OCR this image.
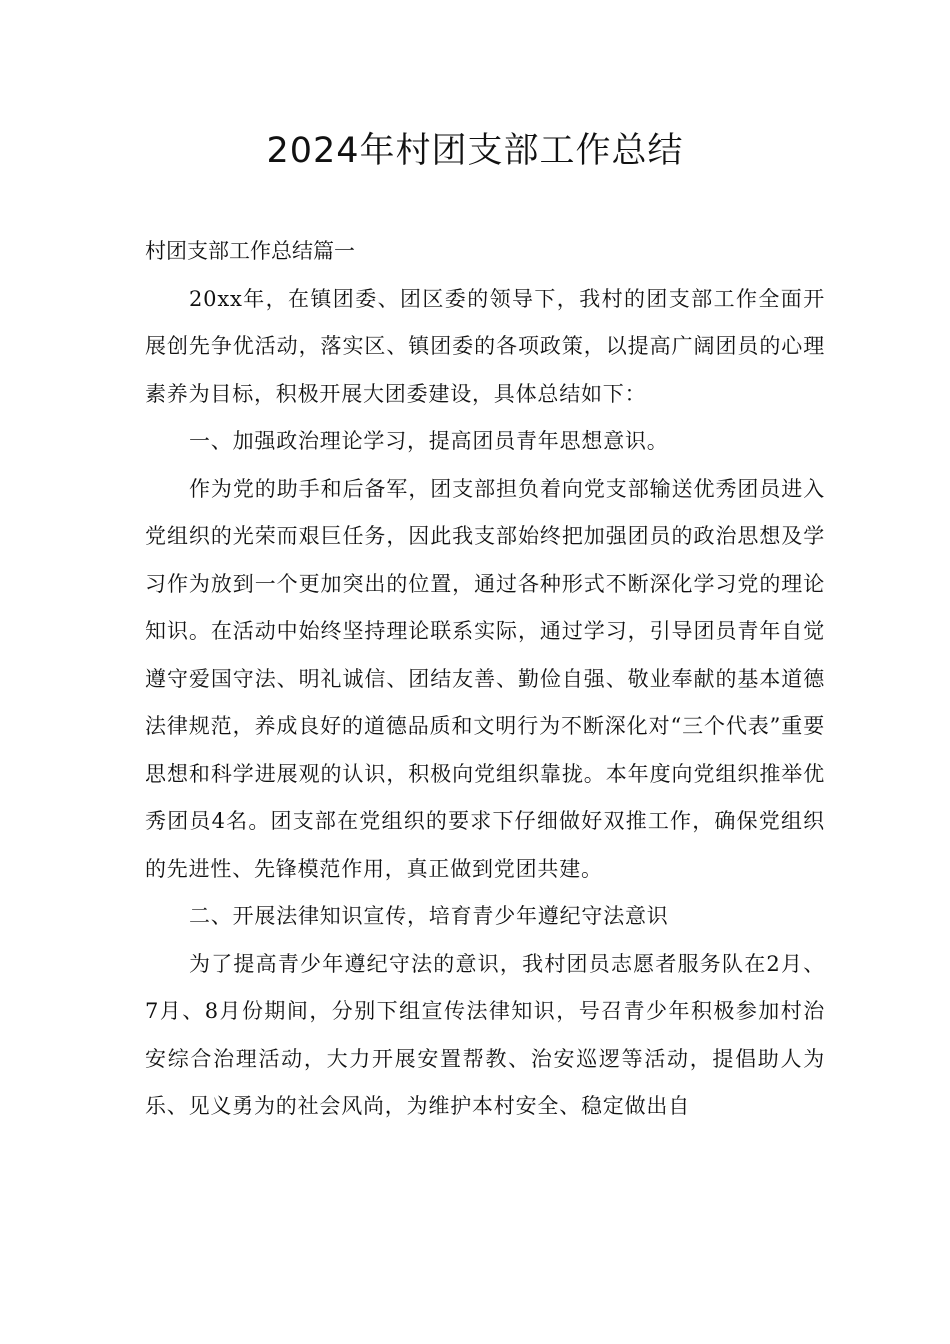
2024年村团支部工作总结

村团支部工作总结篇一

20xx年，在镇团委、团区委的领导下，我村的团支部工作全面开展创先争优活动，落实区、镇团委的各项政策，以提高广阔团员的心理素养为目标，积极开展大团委建设，具体总结如下：

一、加强政治理论学习，提高团员青年思想意识。

作为党的助手和后备军，团支部担负着向党支部输送优秀团员进入党组织的光荣而艰巨任务，因此我支部始终把加强团员的政治思想及学习作为放到一个更加突出的位置，通过各种形式不断深化学习党的理论知识。在活动中始终坚持理论联系实际，通过学习，引导团员青年自觉遵守爱国守法、明礼诚信、团结友善、勤俭自强、敬业奉献的基本道德法律规范，养成良好的道德品质和文明行为不断深化对“三个代表”重要思想和科学进展观的认识，积极向党组织靠拢。本年度向党组织推举优秀团员4名。团支部在党组织的要求下仔细做好双推工作，确保党组织的先进性、先锋模范作用，真正做到党团共建。

二、开展法律知识宣传，培育青少年遵纪守法意识

为了提高青少年遵纪守法的意识，我村团员志愿者服务队在2月、7月、8月份期间，分别下组宣传法律知识，号召青少年积极参加村治安综合治理活动，大力开展安置帮教、治安巡逻等活动，提倡助人为乐、见义勇为的社会风尚，为维护本村安全、稳定做出自
